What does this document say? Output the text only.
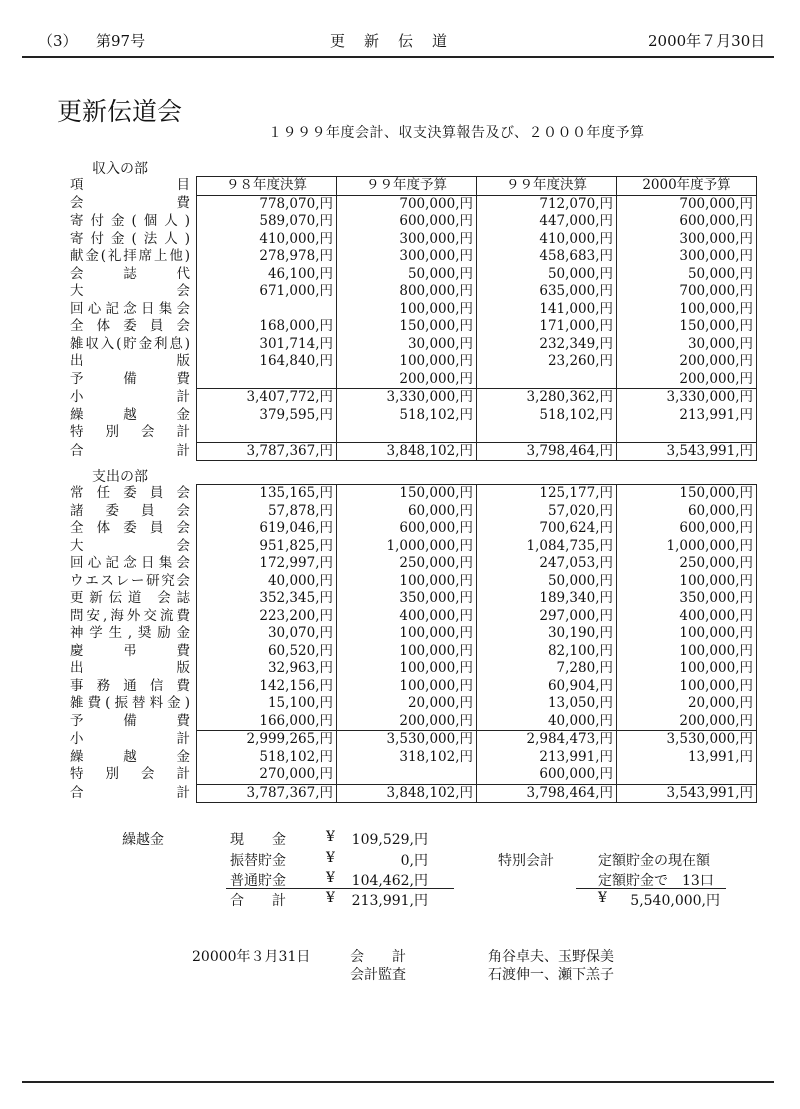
（3） 第97号	更　新　伝　道	2000年７月30日
更新伝道会
１９９９年度会計、収支決算報告及び、２０００年度予算
収入の部
項　　　目	９８年度決算	９９年度予算	９９年度決算	2000年度予算
会費	778,070,円	700,000,円	712,070,円	700,000,円
寄付金(個人)	589,070,円	600,000,円	447,000,円	600,000,円
寄付金(法人)	410,000,円	300,000,円	410,000,円	300,000,円
献金(礼拝席上他)	278,978,円	300,000,円	458,683,円	300,000,円
会誌代	46,100,円	50,000,円	50,000,円	50,000,円
大会	671,000,円	800,000,円	635,000,円	700,000,円
回心記念日集会		100,000,円	141,000,円	100,000,円
全体委員会	168,000,円	150,000,円	171,000,円	150,000,円
雑収入(貯金利息)	301,714,円	30,000,円	232,349,円	30,000,円
出版	164,840,円	100,000,円	23,260,円	200,000,円
予備費		200,000,円		200,000,円
小計	3,407,772,円	3,330,000,円	3,280,362,円	3,330,000,円
繰越金	379,595,円	518,102,円	518,102,円	213,991,円
特別会計				
合計	3,787,367,円	3,848,102,円	3,798,464,円	3,543,991,円
支出の部
常任委員会	135,165,円	150,000,円	125,177,円	150,000,円
諸委員会	57,878,円	60,000,円	57,020,円	60,000,円
全体委員会	619,046,円	600,000,円	700,624,円	600,000,円
大会	951,825,円	1,000,000,円	1,084,735,円	1,000,000,円
回心記念日集会	172,997,円	250,000,円	247,053,円	250,000,円
ウエスレー研究会	40,000,円	100,000,円	50,000,円	100,000,円
更新伝道 会誌	352,345,円	350,000,円	189,340,円	350,000,円
問安,海外交流費	223,200,円	400,000,円	297,000,円	400,000,円
神学生,奨励金	30,070,円	100,000,円	30,190,円	100,000,円
慶弔費	60,520,円	100,000,円	82,100,円	100,000,円
出版	32,963,円	100,000,円	7,280,円	100,000,円
事務通信費	142,156,円	100,000,円	60,904,円	100,000,円
雑費(振替料金)	15,100,円	20,000,円	13,050,円	20,000,円
予備費	166,000,円	200,000,円	40,000,円	200,000,円
小計	2,999,265,円	3,530,000,円	2,984,473,円	3,530,000,円
繰越金	518,102,円	318,102,円	213,991,円	13,991,円
特別会計	270,000,円		600,000,円	
合計	3,787,367,円	3,848,102,円	3,798,464,円	3,543,991,円
繰越金	現　　金	¥ 109,529,円
振替貯金	¥	0,円
普通貯金	¥ 104,462,円
合　　計	¥ 213,991,円
特別会計	定額貯金の現在額
定額貯金で　13口
¥	5,540,000,円
20000年３月31日	会　　計	角谷卓夫、玉野保美
会計監査	石渡伸一、瀬下羔子
